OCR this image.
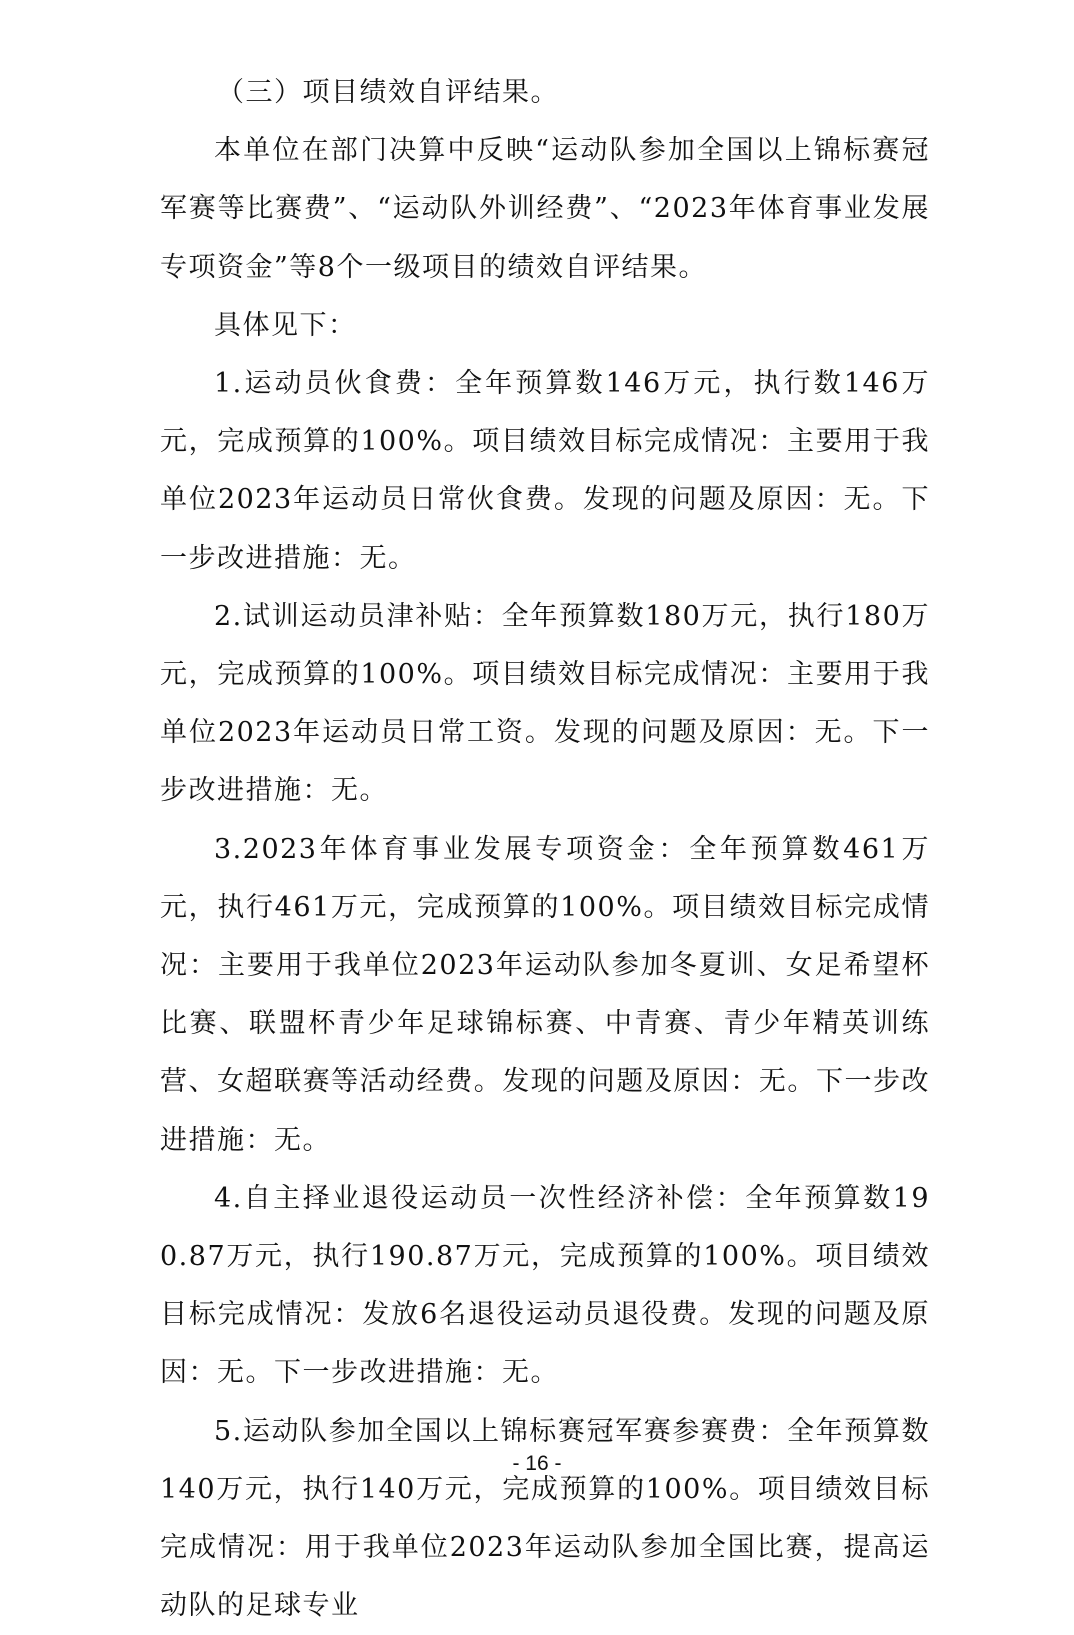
（三）项目绩效自评结果。

本单位在部门决算中反映“运动队参加全国以上锦标赛冠军赛等比赛费”、“运动队外训经费”、“2023年体育事业发展专项资金”等8个一级项目的绩效自评结果。

具体见下：

1.运动员伙食费：全年预算数146万元，执行数146万元，完成预算的100%。项目绩效目标完成情况：主要用于我单位2023年运动员日常伙食费。发现的问题及原因：无。下一步改进措施：无。

2.试训运动员津补贴：全年预算数180万元，执行180万元，完成预算的100%。项目绩效目标完成情况：主要用于我单位2023年运动员日常工资。发现的问题及原因：无。下一步改进措施：无。

3.2023年体育事业发展专项资金：全年预算数461万元，执行461万元，完成预算的100%。项目绩效目标完成情况：主要用于我单位2023年运动队参加冬夏训、女足希望杯比赛、联盟杯青少年足球锦标赛、中青赛、青少年精英训练营、女超联赛等活动经费。发现的问题及原因：无。下一步改进措施：无。

4.自主择业退役运动员一次性经济补偿：全年预算数190.87万元，执行190.87万元，完成预算的100%。项目绩效目标完成情况：发放6名退役运动员退役费。发现的问题及原因：无。下一步改进措施：无。

5.运动队参加全国以上锦标赛冠军赛参赛费：全年预算数140万元，执行140万元，完成预算的100%。项目绩效目标完成情况：用于我单位2023年运动队参加全国比赛，提高运动队的足球专业

- 16 -
